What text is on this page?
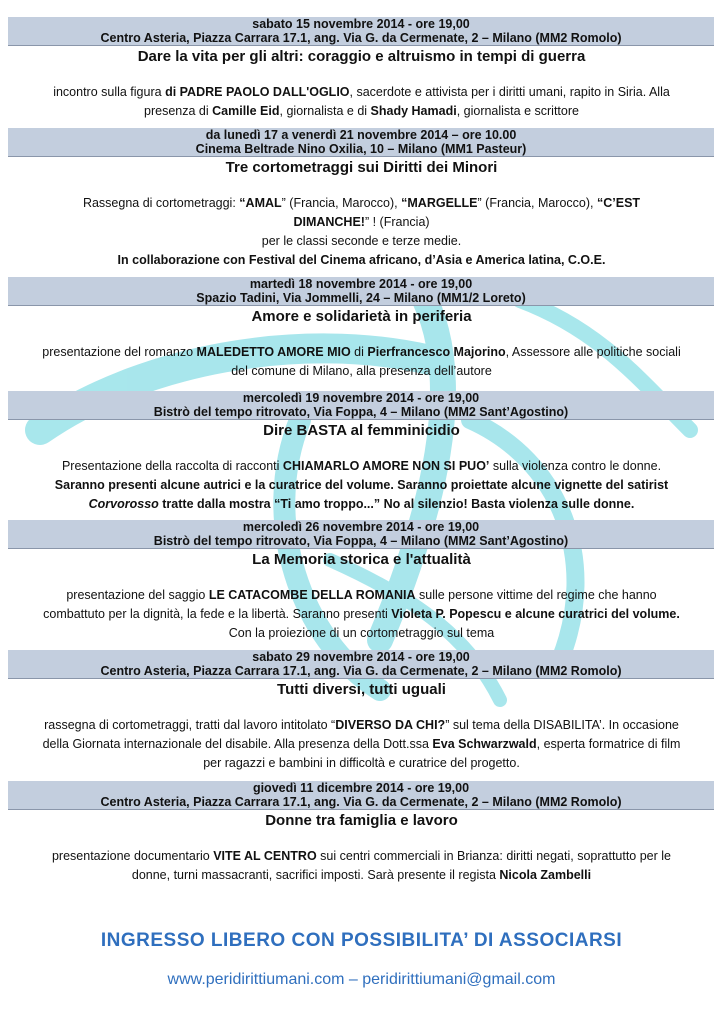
sabato 15 novembre 2014 - ore 19,00
Centro Asteria, Piazza Carrara 17.1, ang. Via G. da Cermenate, 2 – Milano (MM2 Romolo)
Dare la vita per gli altri: coraggio e altruismo in tempi di guerra
incontro sulla figura di PADRE PAOLO DALL'OGLIO, sacerdote e attivista per i diritti umani, rapito in Siria. Alla
presenza di Camille Eid, giornalista e di Shady Hamadi, giornalista e scrittore
da lunedì 17 a venerdì 21 novembre 2014 – ore 10.00
Cinema Beltrade Nino Oxilia, 10 – Milano (MM1 Pasteur)
Tre cortometraggi sui Diritti dei Minori
Rassegna di cortometraggi: “AMAL” (Francia, Marocco), “MARGELLE” (Francia, Marocco), “C’EST
DIMANCHE!” ! (Francia)
per le classi seconde e terze medie.
In collaborazione con Festival del Cinema africano, d’Asia e America latina, C.O.E.
martedì 18 novembre 2014 - ore 19,00
Spazio Tadini, Via Jommelli, 24 – Milano (MM1/2 Loreto)
Amore e solidarietà in periferia
presentazione del romanzo MALEDETTO AMORE MIO di Pierfrancesco Majorino, Assessore alle politiche sociali
del comune di Milano, alla presenza dell’autore
mercoledì 19 novembre 2014 - ore 19,00
Bistrò del tempo ritrovato, Via Foppa, 4 – Milano (MM2 Sant’Agostino)
Dire BASTA al femminicidio
Presentazione della raccolta di racconti CHIAMARLO AMORE NON SI PUO’ sulla violenza contro le donne.
Saranno presenti alcune autrici e la curatrice del volume. Saranno proiettate alcune vignette del satirist
Corvorosso tratte dalla mostra “Ti amo troppo...” No al silenzio! Basta violenza sulle donne.
mercoledì 26 novembre 2014 - ore 19,00
Bistrò del tempo ritrovato, Via Foppa, 4 – Milano (MM2 Sant’Agostino)
La Memoria storica e l'attualità
presentazione del saggio LE CATACOMBE DELLA ROMANIA sulle persone vittime del regime che hanno
combattuto per la dignità, la fede e la libertà. Saranno presenti Violeta P. Popescu e alcune curatrici del volume.
Con la proiezione di un cortometraggio sul tema
sabato 29 novembre 2014 - ore 19,00
Centro Asteria, Piazza Carrara 17.1, ang. Via G. da Cermenate, 2 – Milano (MM2 Romolo)
Tutti diversi, tutti uguali
rassegna di cortometraggi, tratti dal lavoro intitolato “DIVERSO DA CHI?” sul tema della DISABILITA’. In occasione
della Giornata internazionale del disabile. Alla presenza della Dott.ssa Eva Schwarzwald, esperta formatrice di film
per ragazzi e bambini in difficoltà e curatrice del progetto.
giovedì 11 dicembre 2014 - ore 19,00
Centro Asteria, Piazza Carrara 17.1, ang. Via G. da Cermenate, 2 – Milano (MM2 Romolo)
Donne tra famiglia e lavoro
presentazione documentario VITE AL CENTRO sui centri commerciali in Brianza: diritti negati, soprattutto per le
donne, turni massacranti, sacrifici imposti. Sarà presente il regista Nicola Zambelli
INGRESSO LIBERO CON POSSIBILITA’ DI ASSOCIARSI
www.peridirittiumani.com – peridirittiumani@gmail.com
